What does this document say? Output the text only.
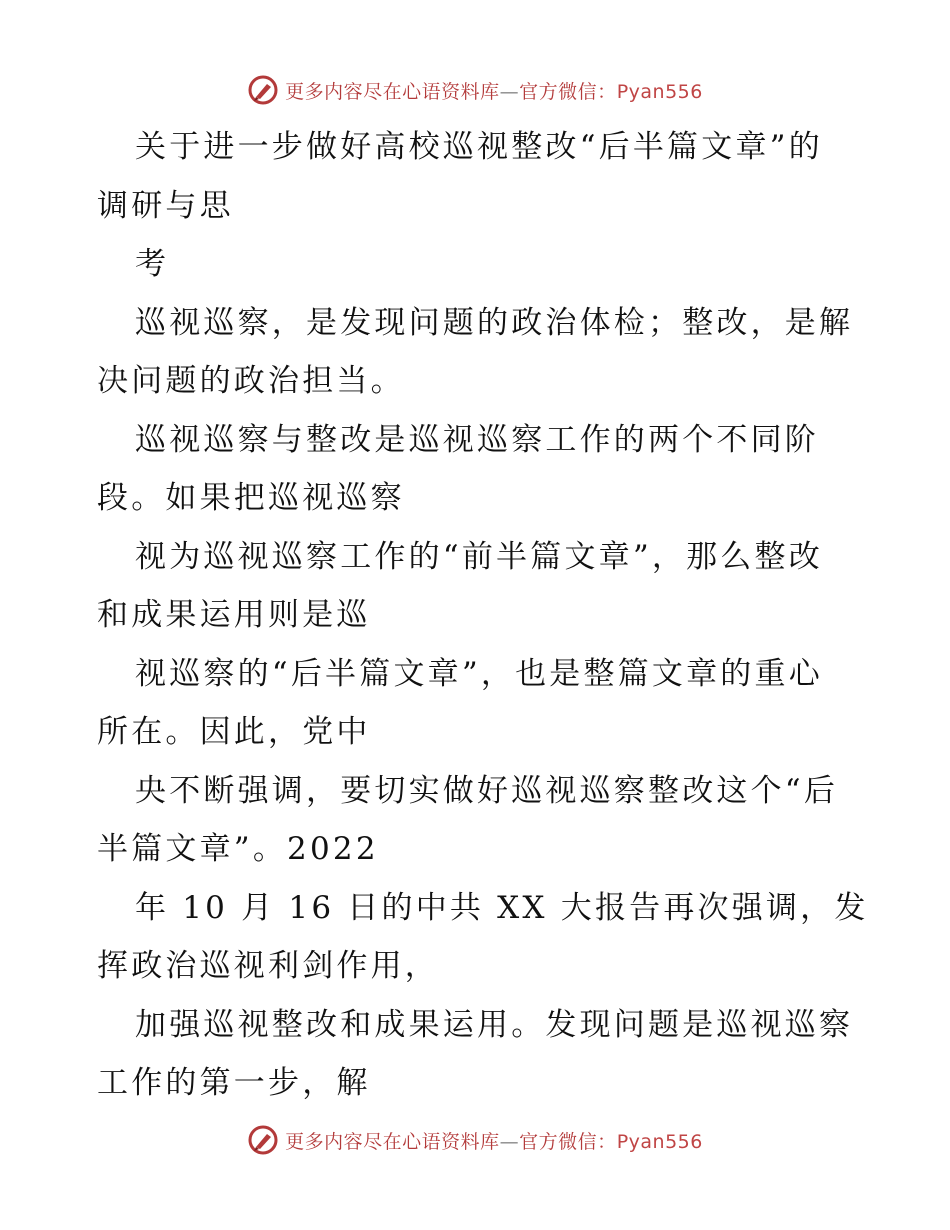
更多内容尽在心语资料库—官方微信：Pyan556
关于进一步做好高校巡视整改“后半篇文章”的
调研与思
考
巡视巡察，是发现问题的政治体检；整改，是解
决问题的政治担当。
巡视巡察与整改是巡视巡察工作的两个不同阶
段。如果把巡视巡察
视为巡视巡察工作的“前半篇文章”，那么整改
和成果运用则是巡
视巡察的“后半篇文章”，也是整篇文章的重心
所在。因此，党中
央不断强调，要切实做好巡视巡察整改这个“后
半篇文章”。2022
年 10 月 16 日的中共 XX 大报告再次强调，发
挥政治巡视利剑作用，
加强巡视整改和成果运用。发现问题是巡视巡察
工作的第一步，解
更多内容尽在心语资料库—官方微信：Pyan556
